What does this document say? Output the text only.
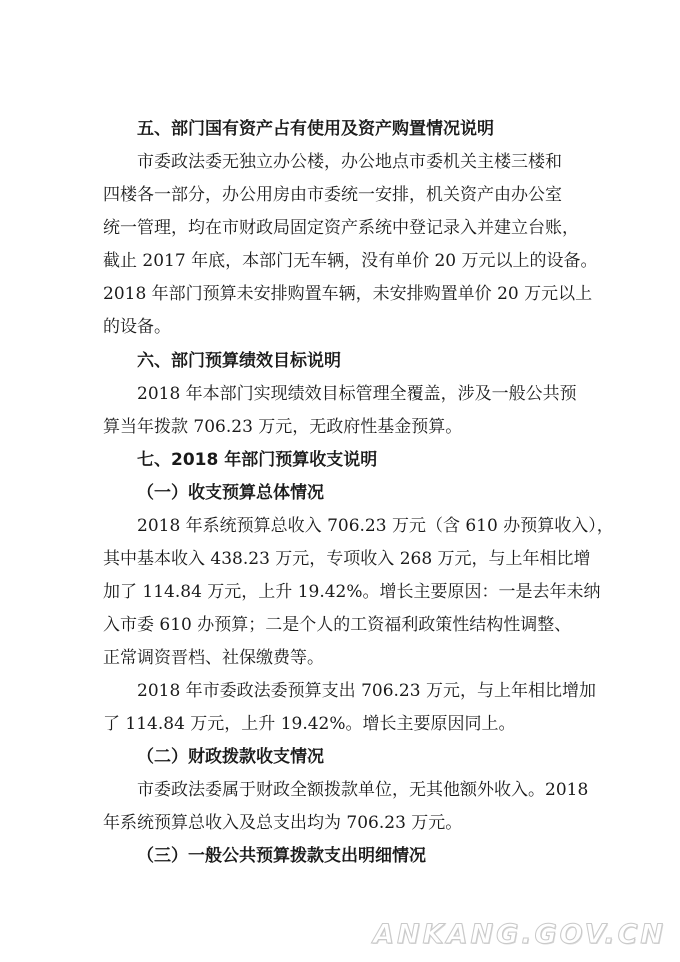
五、部门国有资产占有使用及资产购置情况说明
市委政法委无独立办公楼，办公地点市委机关主楼三楼和
四楼各一部分，办公用房由市委统一安排，机关资产由办公室
统一管理，均在市财政局固定资产系统中登记录入并建立台账，
截止 2017 年底，本部门无车辆，没有单价 20 万元以上的设备。
2018 年部门预算未安排购置车辆，未安排购置单价 20 万元以上
的设备。
六、部门预算绩效目标说明
2018 年本部门实现绩效目标管理全覆盖，涉及一般公共预
算当年拨款 706.23 万元，无政府性基金预算。
七、2018 年部门预算收支说明
（一）收支预算总体情况
2018 年系统预算总收入 706.23 万元（含 610 办预算收入），
其中基本收入 438.23 万元，专项收入 268 万元，与上年相比增
加了 114.84 万元，上升 19.42%。增长主要原因：一是去年未纳
入市委 610 办预算；二是个人的工资福利政策性结构性调整、
正常调资晋档、社保缴费等。
2018 年市委政法委预算支出 706.23 万元，与上年相比增加
了 114.84 万元，上升 19.42%。增长主要原因同上。
（二）财政拨款收支情况
市委政法委属于财政全额拨款单位，无其他额外收入。2018
年系统预算总收入及总支出均为 706.23 万元。
（三）一般公共预算拨款支出明细情况
ANKANG.GOV.CN
